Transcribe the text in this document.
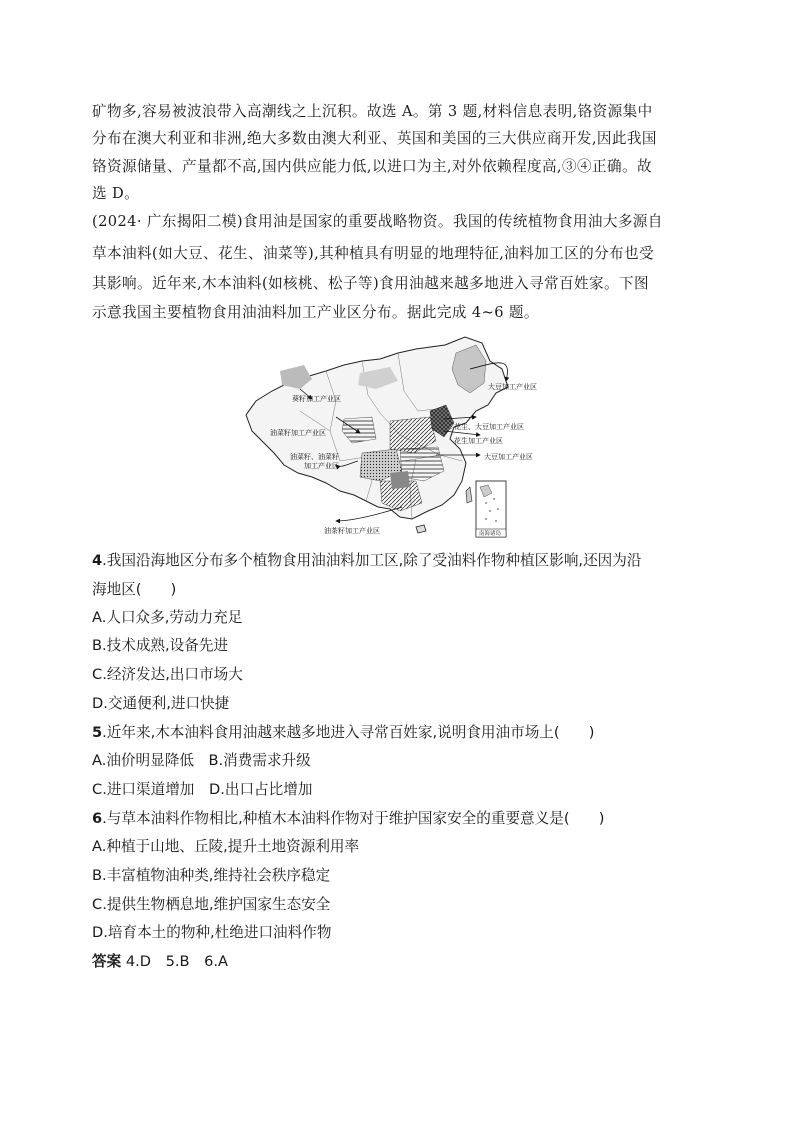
矿物多,容易被波浪带入高潮线之上沉积。故选 A。第 3 题,材料信息表明,铬资源集中
分布在澳大利亚和非洲,绝大多数由澳大利亚、英国和美国的三大供应商开发,因此我国
铬资源储量、产量都不高,国内供应能力低,以进口为主,对外依赖程度高,③④正确。故
选 D。
(2024· 广东揭阳二模)食用油是国家的重要战略物资。我国的传统植物食用油大多源自
草本油料(如大豆、花生、油菜等),其种植具有明显的地理特征,油料加工区的分布也受
其影响。近年来,木本油料(如核桃、松子等)食用油越来越多地进入寻常百姓家。下图
示意我国主要植物食用油油料加工产业区分布。据此完成 4~6 题。
大豆加工产业区
葵籽加工产业区
油菜籽加工产业区
花生、大豆加工产业区
花生加工产业区
大豆加工产业区
油菜籽、油菜籽
加工产业区
油茶籽加工产业区	南海诸岛
4.我国沿海地区分布多个植物食用油油料加工区,除了受油料作物种植区影响,还因为沿
海地区(　　)
A.人口众多,劳动力充足
B.技术成熟,设备先进
C.经济发达,出口市场大
D.交通便利,进口快捷
5.近年来,木本油料食用油越来越多地进入寻常百姓家,说明食用油市场上(　　)
A.油价明显降低　B.消费需求升级
C.进口渠道增加　D.出口占比增加
6.与草本油料作物相比,种植木本油料作物对于维护国家安全的重要意义是(　　)
A.种植于山地、丘陵,提升土地资源利用率
B.丰富植物油种类,维持社会秩序稳定
C.提供生物栖息地,维护国家生态安全
D.培育本土的物种,杜绝进口油料作物
答案 4.D　5.B　6.A
